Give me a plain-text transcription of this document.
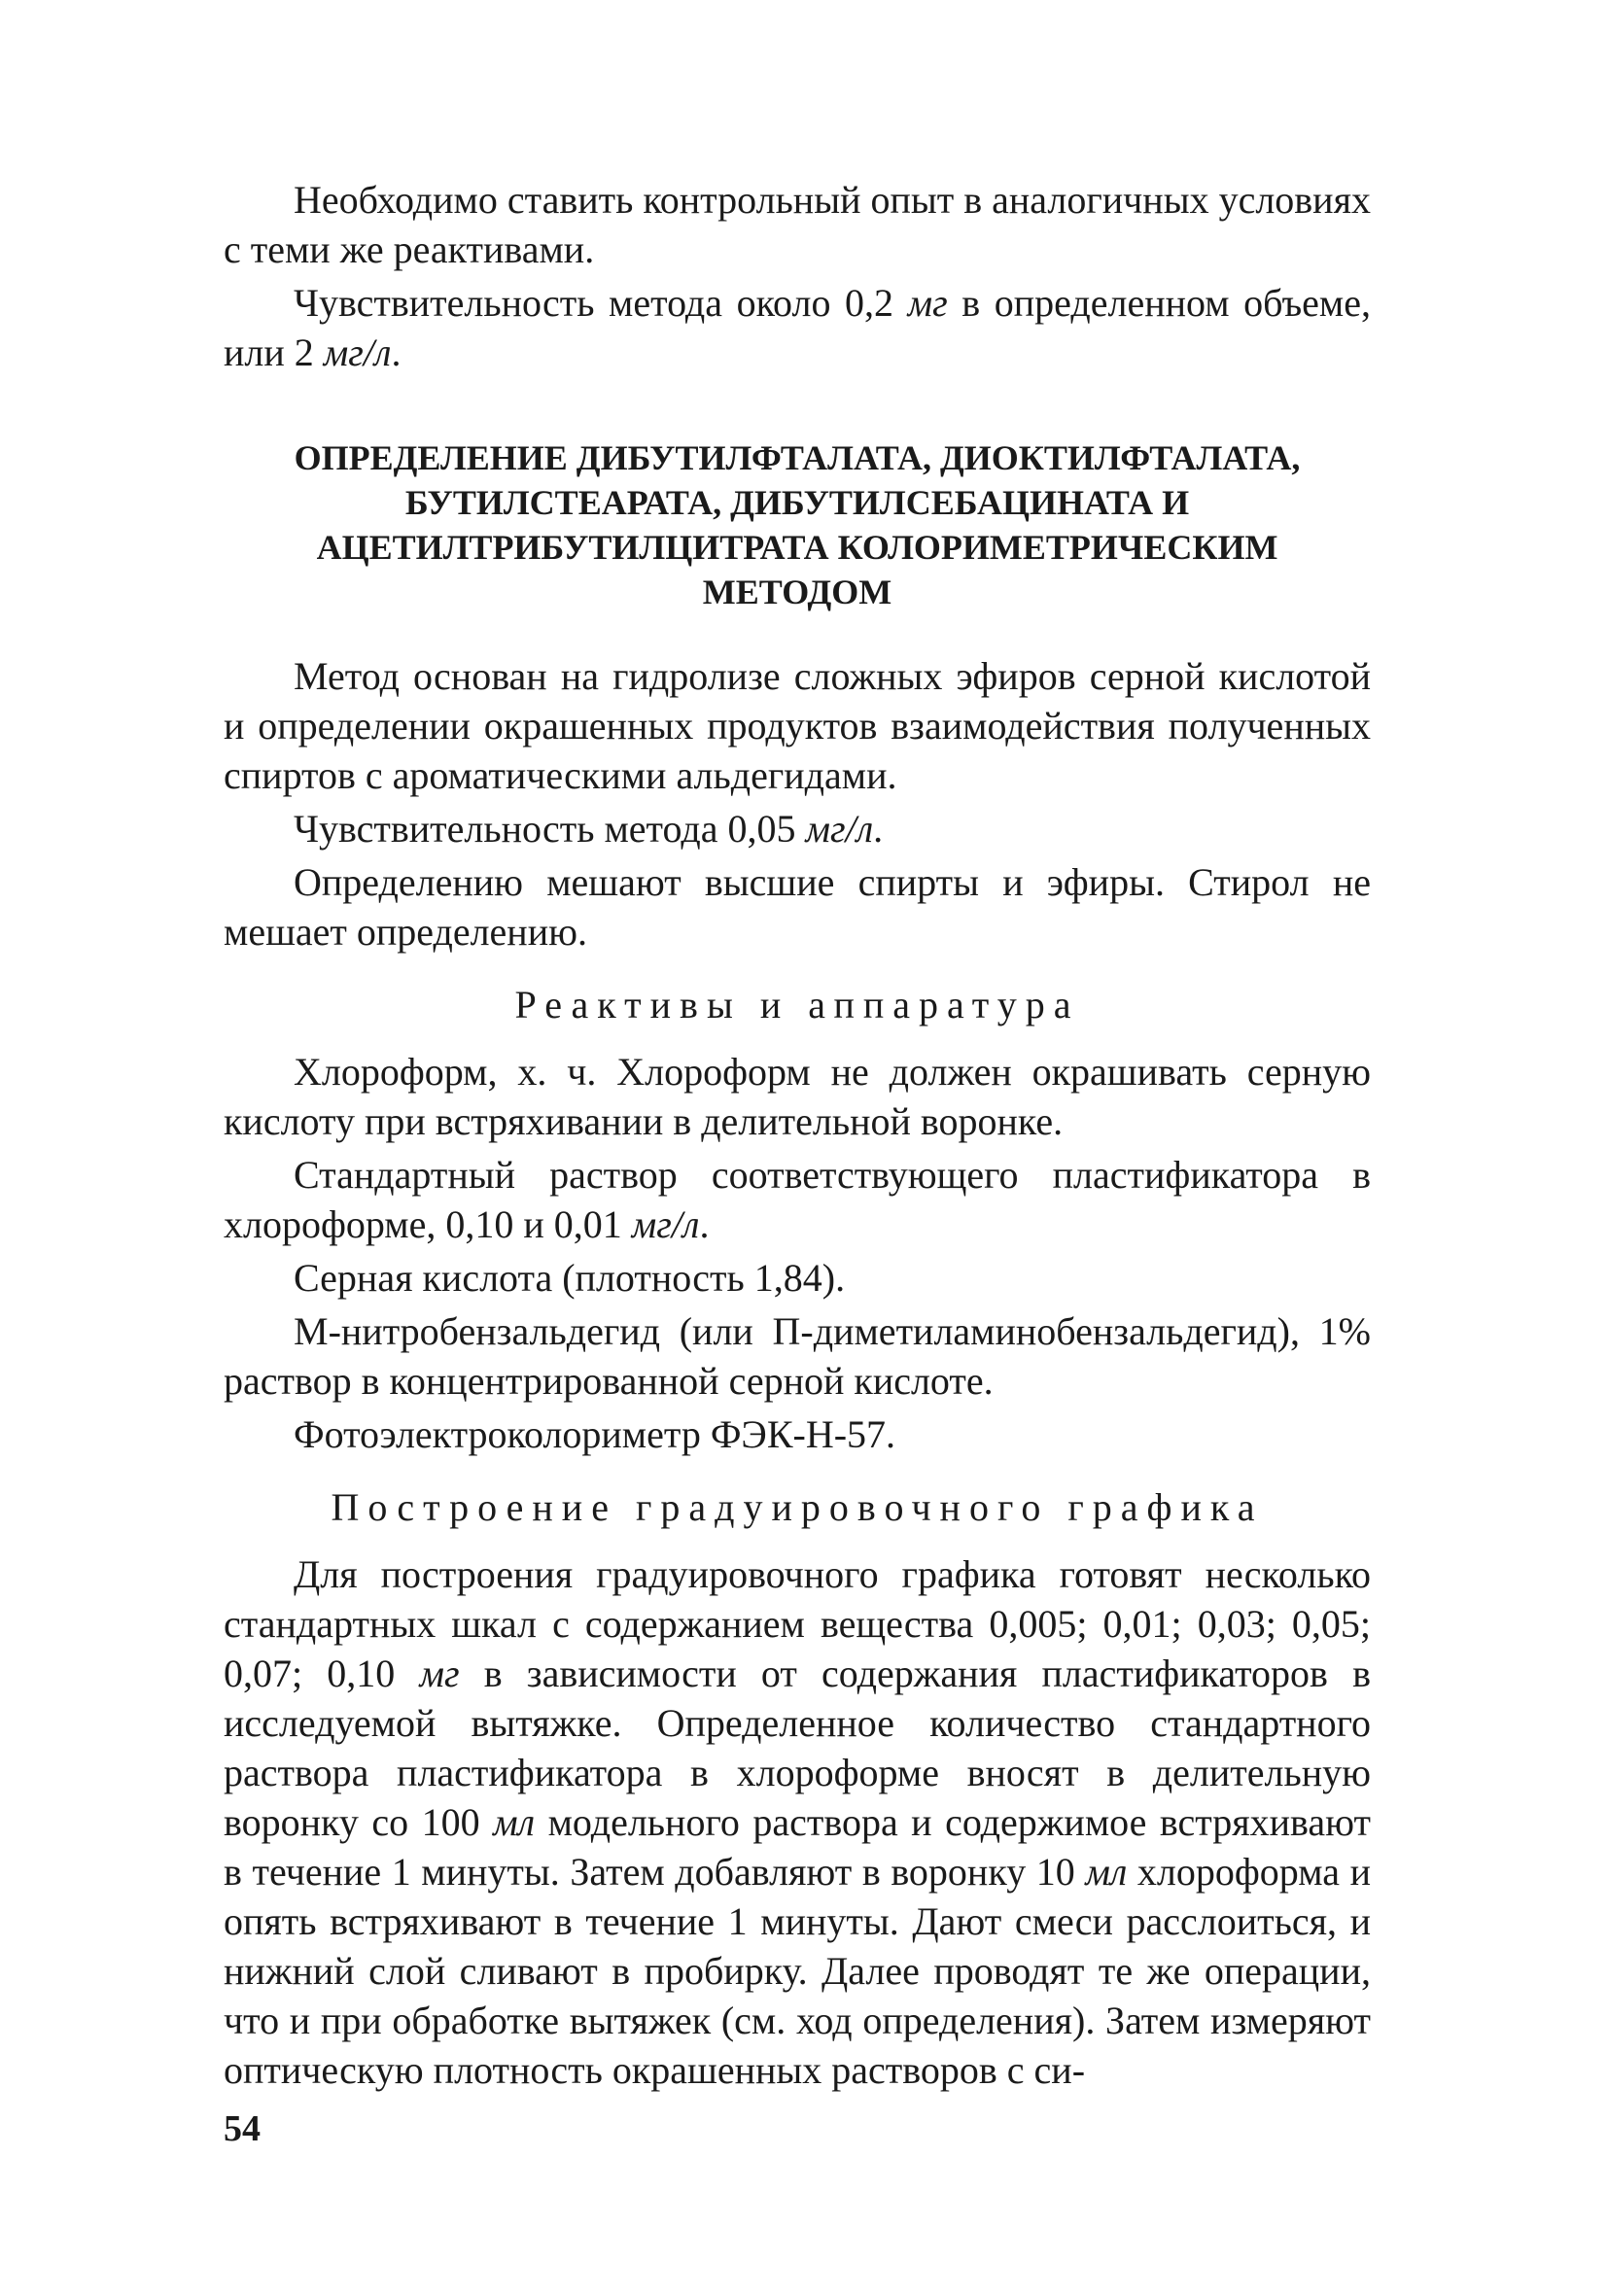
Необходимо ставить контрольный опыт в аналогичных условиях с теми же реактивами.

Чувствительность метода около 0,2 мг в определенном объеме, или 2 мг/л.

ОПРЕДЕЛЕНИЕ ДИБУТИЛФТАЛАТА, ДИОКТИЛФТАЛАТА, БУТИЛСТЕАРАТА, ДИБУТИЛСЕБАЦИНАТА И АЦЕТИЛТРИБУТИЛЦИТРАТА КОЛОРИМЕТРИЧЕСКИМ МЕТОДОМ

Метод основан на гидролизе сложных эфиров серной кислотой и определении окрашенных продуктов взаимодействия полученных спиртов с ароматическими альдегидами.

Чувствительность метода 0,05 мг/л.

Определению мешают высшие спирты и эфиры. Стирол не мешает определению.

Реактивы и аппаратура

Хлороформ, х. ч. Хлороформ не должен окрашивать серную кислоту при встряхивании в делительной воронке.

Стандартный раствор соответствующего пластификатора в хлороформе, 0,10 и 0,01 мг/л.

Серная кислота (плотность 1,84).

М-нитробензальдегид (или П-диметиламинобензальдегид), 1% раствор в концентрированной серной кислоте.

Фотоэлектроколориметр ФЭК-Н-57.

Построение градуировочного графика

Для построения градуировочного графика готовят несколько стандартных шкал с содержанием вещества 0,005; 0,01; 0,03; 0,05; 0,07; 0,10 мг в зависимости от содержания пластификаторов в исследуемой вытяжке. Определенное количество стандартного раствора пластификатора в хлороформе вносят в делительную воронку со 100 мл модельного раствора и содержимое встряхивают в течение 1 минуты. Затем добавляют в воронку 10 мл хлороформа и опять встряхивают в течение 1 минуты. Дают смеси расслоиться, и нижний слой сливают в пробирку. Далее проводят те же операции, что и при обработке вытяжек (см. ход определения). Затем измеряют оптическую плотность окрашенных растворов с си-

54
